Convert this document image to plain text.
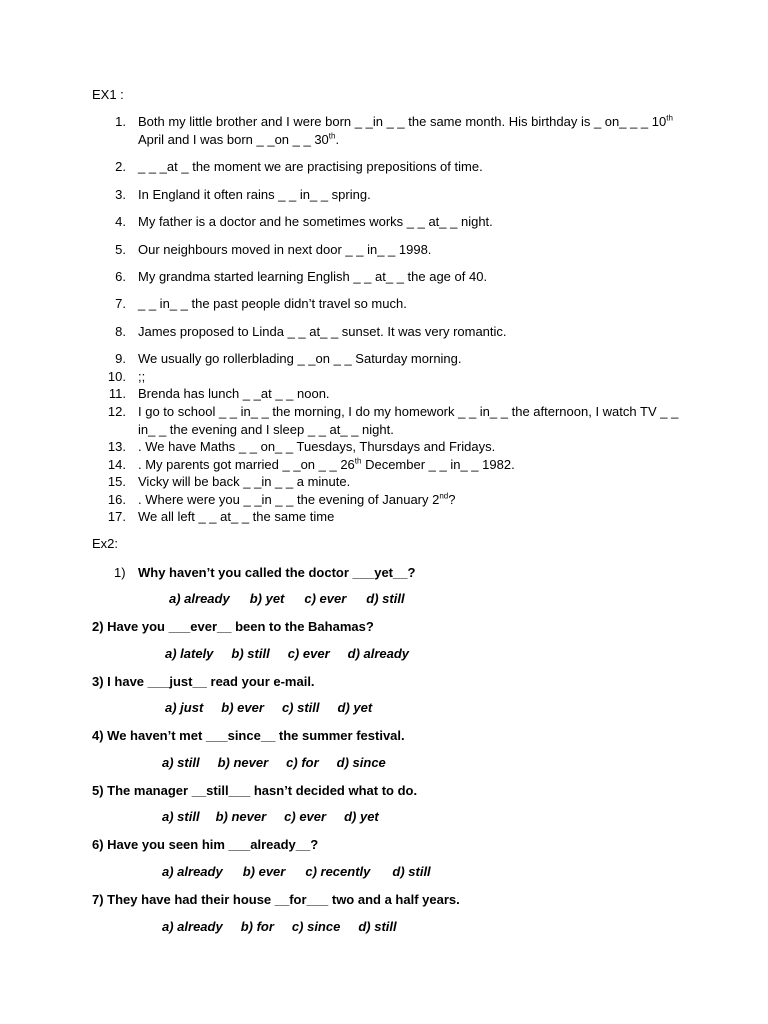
EX1 :
1. Both my little brother and I were born _ _in _ _ the same month. His birthday is _ on_ _ _ 10th April and I was born _ _on _ _ 30th.
2. _ _ _at _ the moment we are practising prepositions of time.
3. In England it often rains _ _ in_ _ spring.
4. My father is a doctor and he sometimes works _ _ at_ _ night.
5. Our neighbours moved in next door _ _ in_ _ 1998.
6. My grandma started learning English _ _ at_ _ the age of 40.
7. _ _ in_ _ the past people didn’t travel so much.
8. James proposed to Linda _ _ at_ _ sunset. It was very romantic.
9. We usually go rollerblading _ _on _ _ Saturday morning.
10. ;;
11. Brenda has lunch _ _at _ _ noon.
12. I go to school _ _ in_ _ the morning, I do my homework _ _ in_ _ the afternoon, I watch TV _ _ in_ _ the evening and I sleep _ _ at_ _ night.
13. . We have Maths _ _ on_ _ Tuesdays, Thursdays and Fridays.
14. . My parents got married _ _on _ _ 26th December _ _ in_ _ 1982.
15. Vicky will be back _ _in _ _ a minute.
16. . Where were you _ _in _ _ the evening of January 2nd?
17. We all left _ _ at_ _ the same time
Ex2:
1) Why haven’t you called the doctor ___yet__?
a) already b) yet c) ever d) still
2) Have you ___ever__ been to the Bahamas?
a) lately b) still c) ever d) already
3) I have ___just__ read your e-mail.
a) just b) ever c) still d) yet
4) We haven’t met ___since__ the summer festival.
a) still b) never c) for d) since
5) The manager __still___ hasn’t decided what to do.
a) still b) never c) ever d) yet
6) Have you seen him ___already__?
a) already b) ever c) recently d) still
7) They have had their house __for___ two and a half years.
a) already b) for c) since d) still
